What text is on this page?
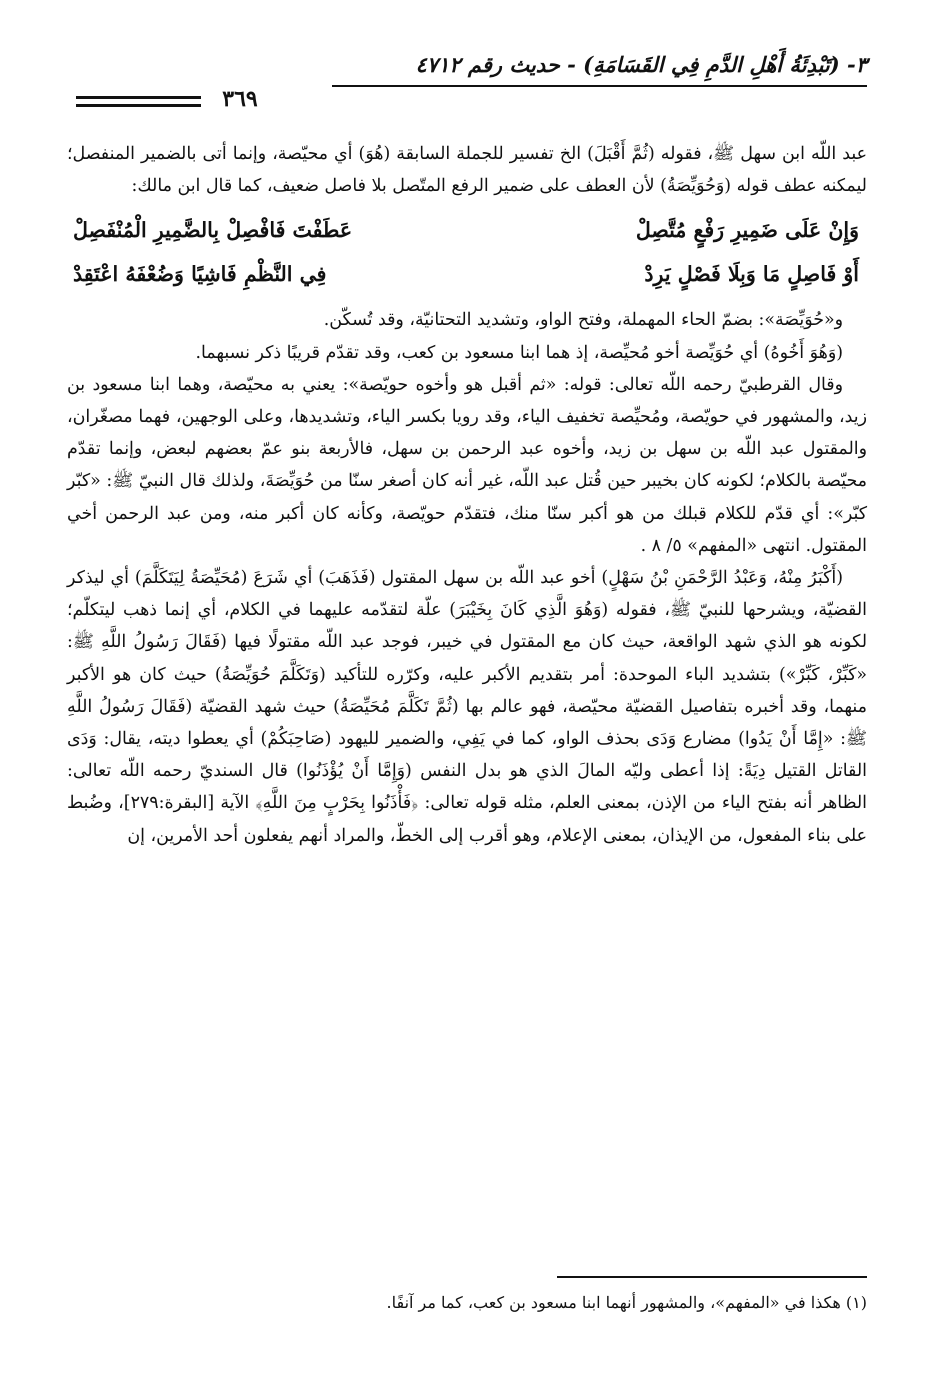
٣- (تَبْدِئَةُ أَهْلِ الدَّمِ فِي القَسَامَةِ) - حديث رقم ٤٧١٢
٣٦٩

عبد اللّه ابن سهل ﷺ، فقوله (ثُمَّ أَقْبَلَ) الخ تفسير للجملة السابقة (هُوَ) أي محيّصة، وإنما أتى بالضمير المنفصل؛ ليمكنه عطف قوله (وَحُوَيِّصَةُ) لأن العطف على ضمير الرفع المتّصل بلا فاصل ضعيف، كما قال ابن مالك:

وَإِنْ عَلَى ضَمِيرِ رَفْعٍ مُتَّصِلْ
عَطَفْتَ فَافْصِلْ بِالضَّمِيرِ الْمُنْفَصِلْ
أَوْ فَاصِلٍ مَا وَبِلَا فَصْلٍ يَرِدْ
فِي النَّظْمِ فَاشِيًا وَضُعْفَهُ اعْتَقِدْ

و«حُوَيِّصَة»: بضمّ الحاء المهملة، وفتح الواو، وتشديد التحتانيّة، وقد تُسكّن.

(وَهُوَ أَخُوهُ) أي حُوَيِّصة أخو مُحيِّصة، إذ هما ابنا مسعود بن كعب، وقد تقدّم قريبًا ذكر نسبهما.

وقال القرطبيّ رحمه اللّه تعالى: قوله: «ثم أقبل هو وأخوه حويّصة»: يعني به محيّصة، وهما ابنا مسعود بن زيد، والمشهور في حويّصة، ومُحيِّصة تخفيف الياء، وقد رويا بكسر الياء، وتشديدها، وعلى الوجهين، فهما مصغّران، والمقتول عبد اللّه بن سهل بن زيد، وأخوه عبد الرحمن بن سهل، فالأربعة بنو عمّ بعضهم لبعض، وإنما تقدّم محيّصة بالكلام؛ لكونه كان بخيبر حين قُتل عبد اللّه، غير أنه كان أصغر سنّا من حُوَيِّصَةَ، ولذلك قال النبيّ ﷺ: «كبّر كبّر»: أي قدّم للكلام قبلك من هو أكبر سنّا منك، فتقدّم حويّصة، وكأنه كان أكبر منه، ومن عبد الرحمن أخي المقتول. انتهى «المفهم» ٥/ ٨ .

(أَكْبَرُ مِنْهُ، وَعَبْدُ الرَّحْمَنِ بْنُ سَهْلٍ) أخو عبد اللّه بن سهل المقتول (فَذَهَبَ) أي شَرَعَ (مُحَيِّصَةُ لِيَتَكَلَّمَ) أي ليذكر القضيّة، ويشرحها للنبيّ ﷺ، فقوله (وَهُوَ الَّذِي كَانَ بِخَيْبَرَ) علّة لتقدّمه عليهما في الكلام، أي إنما ذهب ليتكلّم؛ لكونه هو الذي شهد الواقعة، حيث كان مع المقتول في خيبر، فوجد عبد اللّه مقتولًا فيها (فَقَالَ رَسُولُ اللَّهِ ﷺ: «كَبِّرْ، كَبِّرْ») بتشديد الباء الموحدة: أمر بتقديم الأكبر عليه، وكرّره للتأكيد (وَتَكَلَّمَ حُوَيِّصَةُ) حيث كان هو الأكبر منهما، وقد أخبره بتفاصيل القضيّة محيّصة، فهو عالم بها (ثُمَّ تَكَلَّمَ مُحَيِّصَةُ) حيث شهد القضيّة (فَقَالَ رَسُولُ اللَّهِ ﷺ: «إِمَّا أَنْ يَدُوا) مضارع وَدَى بحذف الواو، كما في يَفِي، والضمير لليهود (صَاحِبَكُمْ) أي يعطوا ديته، يقال: وَدَى القاتل القتيل دِيَةً: إذا أعطى وليّه المالَ الذي هو بدل النفس (وَإِمَّا أَنْ يُؤْذَنُوا) قال السنديّ رحمه اللّه تعالى: الظاهر أنه بفتح الياء من الإذن، بمعنى العلم، مثله قوله تعالى: ﴿فَأْذَنُوا بِحَرْبٍ مِنَ اللَّهِ﴾ الآية [البقرة:٢٧٩]، وضُبط على بناء المفعول، من الإيذان، بمعنى الإعلام، وهو أقرب إلى الخطّ، والمراد أنهم يفعلون أحد الأمرين، إن

(١) هكذا في «المفهم»، والمشهور أنهما ابنا مسعود بن كعب، كما مر آنفًا.
